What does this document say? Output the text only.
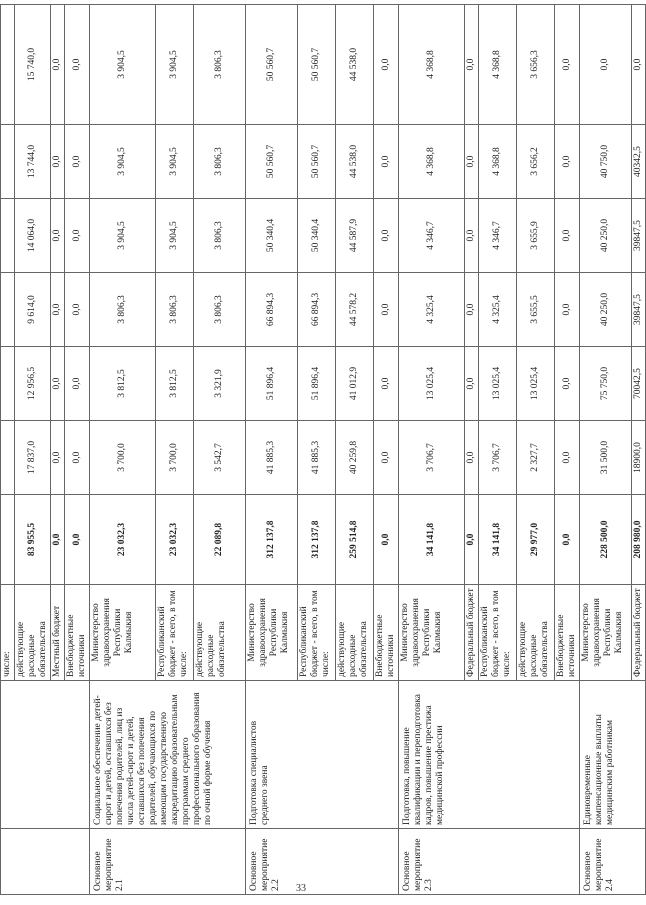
		числе:							
		действующие расходные обязательства	83 955,5	17 837,0	12 956,5	9 614,0	14 064,0	13 744,0	15 740,0
		Местный бюджет	0,0	0,0	0,0	0,0	0,0	0,0	0,0
		Внебюджетные источники	0,0	0,0	0,0	0,0	0,0	0,0	0,0
Основное мероприятие 2.1	Социальное обеспечение детей-сирот и детей, оставшихся без попечения родителей, лиц из числа детей-сирот и детей, оставшихся без попечения родителей, обучающихся по имеющим государственную аккредитацию образовательным программам среднего профессионального образования по очной форме обучения	Министерство здравоохранения Республики Калмыкия	23 032,3	3 700,0	3 812,5	3 806,3	3 904,5	3 904,5	3 904,5
		Республиканский бюджет - всего, в том числе:	23 032,3	3 700,0	3 812,5	3 806,3	3 904,5	3 904,5	3 904,5
		действующие расходные обязательства	22 089,8	3 542,7	3 321,9	3 806,3	3 806,3	3 806,3	3 806,3
Основное мероприятие 2.2	Подготовка специалистов среднего звена	Министерство здравоохранения Республики Калмыкия	312 137,8	41 885,3	51 896,4	66 894,3	50 340,4	50 560,7	50 560,7
		Республиканский бюджет - всего, в том числе:	312 137,8	41 885,3	51 896,4	66 894,3	50 340,4	50 560,7	50 560,7
		действующие расходные обязательства	259 514,8	40 259,8	41 012,9	44 578,2	44 587,9	44 538,0	44 538,0
		Внебюджетные источники	0,0	0,0	0,0	0,0	0,0	0,0	0,0
Основное мероприятие 2.3	Подготовка, повышение квалификации и переподготовка кадров, повышение престижа медицинской профессии	Министерство здравоохранения Республики Калмыкия	34 141,8	3 706,7	13 025,4	4 325,4	4 346,7	4 368,8	4 368,8
		Федеральный бюджет	0,0	0,0	0,0	0,0	0,0	0,0	0,0
		Республиканский бюджет - всего, в том числе:	34 141,8	3 706,7	13 025,4	4 325,4	4 346,7	4 368,8	4 368,8
		действующие расходные обязательства	29 977,0	2 327,7	13 025,4	3 655,5	3 655,9	3 656,2	3 656,3
		Внебюджетные источники	0,0	0,0	0,0	0,0	0,0	0,0	0,0
Основное мероприятие 2.4	Единовременные компенсационные выплаты медицинским работникам	Министерство здравоохранения Республики Калмыкия	228 500,0	31 500,0	75 750,0	40 250,0	40 250,0	40 750,0	0,0
		Федеральный бюджет	208 980,0	18900,0	70042,5	39847,5	39847,5	40342,5	0,0
33
